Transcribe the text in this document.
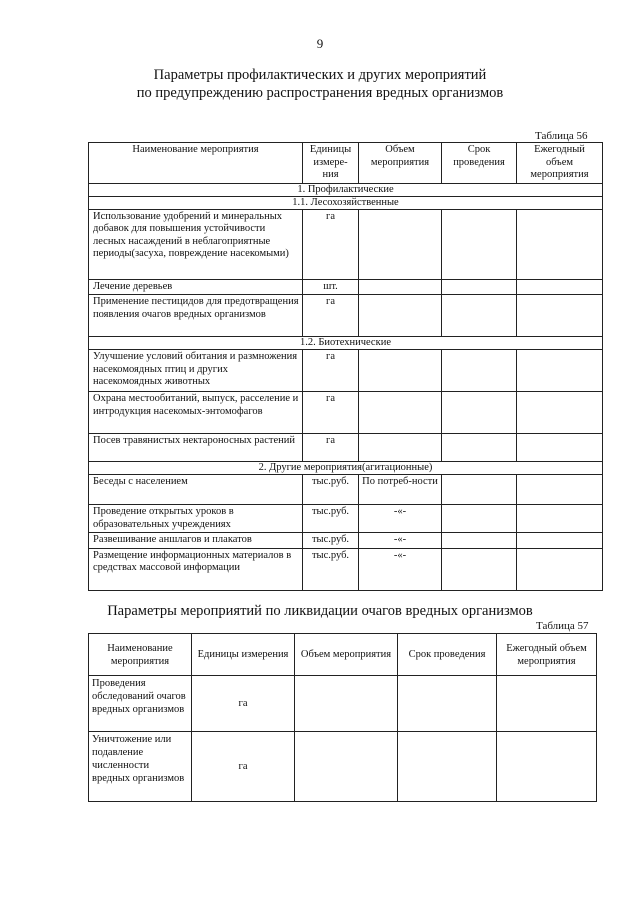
9
Параметры профилактических и других мероприятий
по предупреждению распространения вредных организмов
Таблица 56
Наименование мероприятия	Единицы измере-ния	Объем мероприятия	Срок проведения	Ежегодный объем мероприятия
1. Профилактические				
1.1. Лесохозяйственные				
Использование удобрений и минеральных добавок для повышения устойчивости лесных насаждений в неблагоприятные периоды(засуха, повреждение насекомыми)	га			
Лечение деревьев	шт.			
Применение пестицидов для предотвращения появления очагов вредных организмов	га			
1.2. Биотехнические				
Улучшение условий обитания и размножения насекомоядных птиц и других насекомоядных животных	га			
Охрана местообитаний, выпуск, расселение и интродукция насекомых-энтомофагов	га			
Посев травянистых нектароносных растений	га			
2. Другие мероприятия(агитационные)				
Беседы с населением	тыс.руб.	По потреб-ности		
Проведение открытых уроков в образовательных учреждениях	тыс.руб.	-«-		
Развешивание аншлагов и плакатов	тыс.руб.	-«-		
Размещение информационных материалов в средствах массовой информации	тыс.руб.	-«-		
Параметры мероприятий по ликвидации очагов вредных организмов
Таблица 57
Наименование мероприятия	Единицы измерения	Объем мероприятия	Срок проведения	Ежегодный объем мероприятия
Проведения обследований очагов вредных организмов	га			
Уничтожение или подавление численности вредных организмов	га			
